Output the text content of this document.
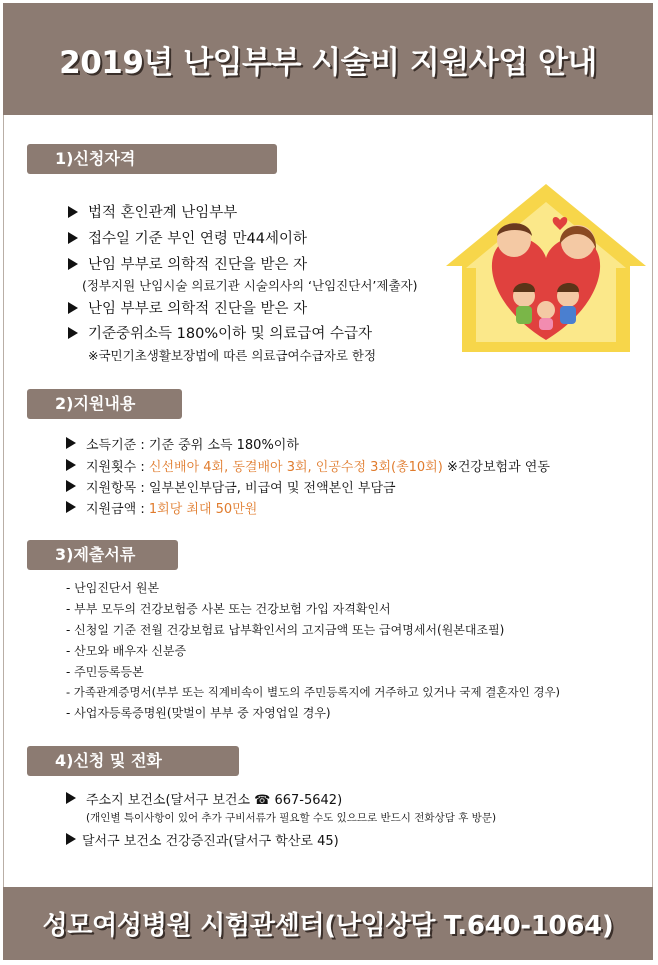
2019년 난임부부 시술비 지원사업 안내
1)신청자격
법적 혼인관계 난임부부
접수일 기준 부인 연령 만44세이하
난임 부부로 의학적 진단을 받은 자
(정부지원 난임시술 의료기관 시술의사의 ‘난임진단서’제출자)
난임 부부로 의학적 진단을 받은 자
기준중위소득 180%이하 및 의료급여 수급자
※국민기초생활보장법에 따른 의료급여수급자로 한정
2)지원내용
소득기준 : 기준 중위 소득 180%이하
지원횟수 : 신선배아 4회, 동결배아 3회, 인공수정 3회(총10회) ※건강보험과 연동
지원항목 : 일부본인부담금, 비급여 및 전액본인 부담금
지원금액 : 1회당 최대 50만원
3)제출서류
- 난임진단서 원본
- 부부 모두의 건강보험증 사본 또는 건강보험 가입 자격확인서
- 신청일 기준 전월 건강보험료 납부확인서의 고지금액 또는 급여명세서(원본대조필)
- 산모와 배우자 신분증
- 주민등록등본
- 가족관계증명서(부부 또는 직계비속이 별도의 주민등록지에 거주하고 있거나 국제 결혼자인 경우)
- 사업자등록증명원(맞벌이 부부 중 자영업일 경우)
4)신청 및 전화
주소지 보건소(달서구 보건소 ☎ 667-5642)
(개인별 특이사항이 있어 추가 구비서류가 필요할 수도 있으므로 반드시 전화상담 후 방문)
달서구 보건소 건강증진과(달서구 학산로 45)
성모여성병원 시험관센터(난임상담 T.640-1064)
